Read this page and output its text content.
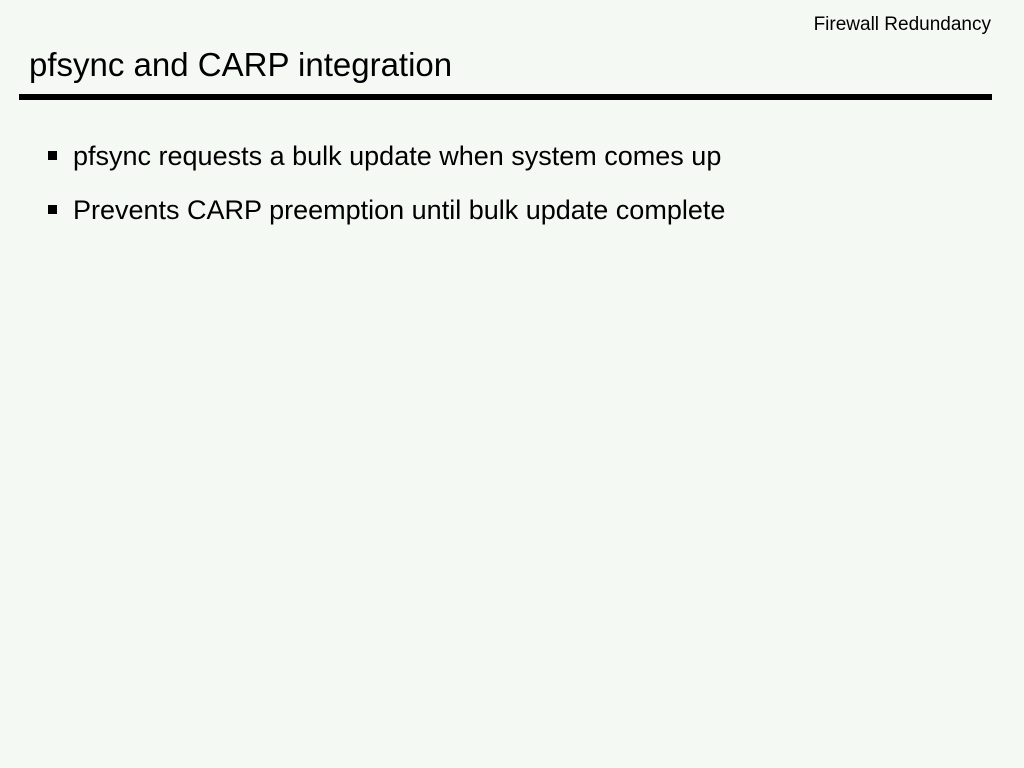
Firewall Redundancy
pfsync and CARP integration
pfsync requests a bulk update when system comes up
Prevents CARP preemption until bulk update complete
